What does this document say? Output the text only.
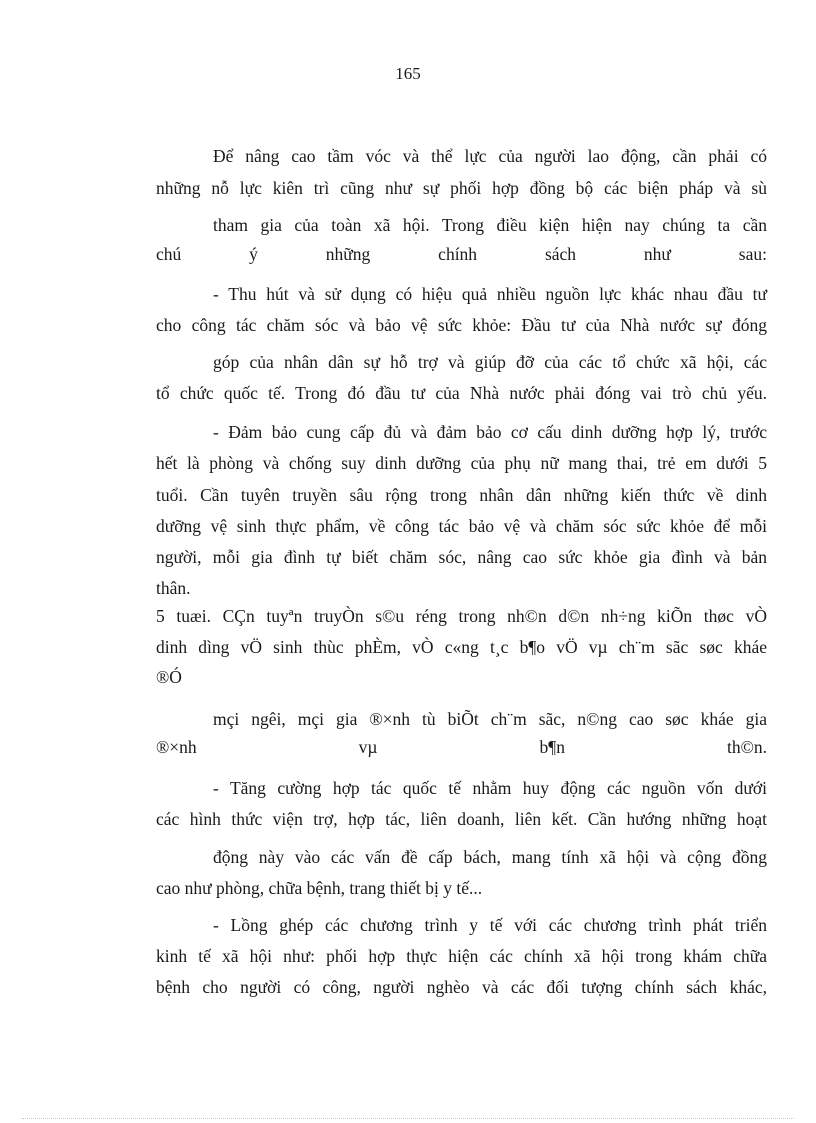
165
Để nâng cao tầm vóc và thể lực của người lao động, cần phải có
những nỗ lực kiên trì cũng như sự phối hợp đồng bộ các biện pháp và sù
tham gia của toàn xã hội. Trong điều kiện hiện nay chúng ta cần
chú ý những chính sách như sau:
- Thu hút và sử dụng có hiệu quả nhiều nguồn lực khác nhau đầu tư
cho công tác chăm sóc và bảo vệ sức khỏe: Đầu tư của Nhà nước sự đóng
góp của nhân dân sự hỗ trợ và giúp đỡ của các tổ chức xã hội, các
tổ chức quốc tế. Trong đó đầu tư của Nhà nước phải đóng vai trò chủ yếu.
- Đảm bảo cung cấp đủ và đảm bảo cơ cấu dinh dưỡng hợp lý, trước
hết là phòng và chống suy dinh dưỡng của phụ nữ mang thai, trẻ em dưới 5
tuổi. Cần tuyên truyền sâu rộng trong nhân dân những kiến thức về dinh
dưỡng vệ sinh thực phẩm, về công tác bảo vệ và chăm sóc sức khỏe để mỗi
người, mỗi gia đình tự biết chăm sóc, nâng cao sức khỏe gia đình và bản
thân.
5 tuæi. CÇn tuyªn truyÒn s©u réng trong nh©n d©n nh÷ng kiÕn thøc vÒ
dinh dìng vÖ sinh thùc phÈm, vÒ c«ng t¸c b¶o vÖ vµ ch¨m sãc søc kháe
®Ó
mçi ngêi, mçi gia ®×nh tù biÕt ch¨m sãc, n©ng cao søc kháe gia
®×nh vµ b¶n th©n.
- Tăng cường hợp tác quốc tế nhằm huy động các nguồn vốn dưới
các hình thức viện trợ, hợp tác, liên doanh, liên kết. Cần hướng những hoạt
động này vào các vấn đề cấp bách, mang tính xã hội và cộng đồng
cao như phòng, chữa bệnh, trang thiết bị y tế...
- Lồng ghép các chương trình y tế với các chương trình phát triển
kinh tế xã hội như: phối hợp thực hiện các chính xã hội trong khám chữa
bệnh cho người có công, người nghèo và các đối tượng chính sách khác,
